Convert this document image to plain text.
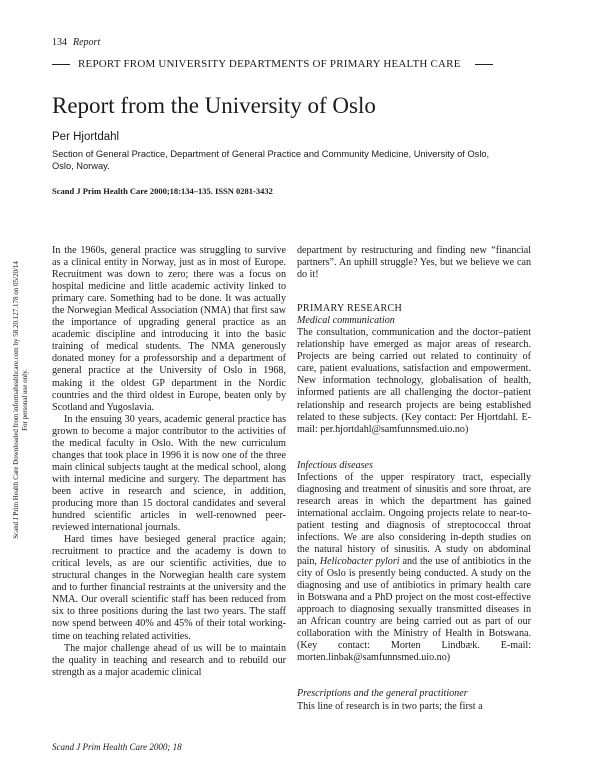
134 Report
REPORT FROM UNIVERSITY DEPARTMENTS OF PRIMARY HEALTH CARE
Report from the University of Oslo
Per Hjortdahl
Section of General Practice, Department of General Practice and Community Medicine, University of Oslo, Oslo, Norway.
Scand J Prim Health Care 2000;18:134–135. ISSN 0281-3432
Scand J Prim Health Care Downloaded from informahealthcare.com by 58.20.127.178 on 05/20/14 For personal use only.

In the 1960s, general practice was struggling to survive as a clinical entity in Norway, just as in most of Europe. Recruitment was down to zero; there was a focus on hospital medicine and little academic activity linked to primary care. Something had to be done. It was actually the Norwegian Medical Association (NMA) that first saw the importance of upgrading general practice as an academic discipline and introducing it into the basic training of medical students. The NMA generously donated money for a professorship and a department of general practice at the University of Oslo in 1968, making it the oldest GP department in the Nordic countries and the third oldest in Europe, beaten only by Scotland and Yugoslavia.

In the ensuing 30 years, academic general practice has grown to become a major contributor to the activities of the medical faculty in Oslo. With the new curriculum changes that took place in 1996 it is now one of the three main clinical subjects taught at the medical school, along with internal medicine and surgery. The department has been active in research and science, in addition, producing more than 15 doctoral candidates and several hundred scientific articles in well-renowned peer-reviewed international journals.

Hard times have besieged general practice again; recruitment to practice and the academy is down to critical levels, as are our scientific activities, due to structural changes in the Norwegian health care system and to further financial restraints at the university and the NMA. Our overall scientific staff has been reduced from six to three positions during the last two years. The staff now spend between 40% and 45% of their total working-time on teaching related activities.

The major challenge ahead of us will be to maintain the quality in teaching and research and to rebuild our strength as a major academic clinical

department by restructuring and finding new “financial partners”. An uphill struggle? Yes, but we believe we can do it!

PRIMARY RESEARCH
Medical communication

The consultation, communication and the doctor–patient relationship have emerged as major areas of research. Projects are being carried out related to continuity of care, patient evaluations, satisfaction and empowerment. New information technology, globalisation of health, informed patients are all challenging the doctor–patient relationship and research projects are being established related to these subjects. (Key contact: Per Hjortdahl. E-mail: per.hjortdahl@samfunnsmed.uio.no)

Infectious diseases

Infections of the upper respiratory tract, especially diagnosing and treatment of sinusitis and sore throat, are research areas in which the department has gained international acclaim. Ongoing projects relate to near-to-patient testing and diagnosis of streptococcal throat infections. We are also considering in-depth studies on the natural history of sinusitis. A study on abdominal pain, Helicobacter pylori and the use of antibiotics in the city of Oslo is presently being conducted. A study on the diagnosing and use of antibiotics in primary health care in Botswana and a PhD project on the most cost-effective approach to diagnosing sexually transmitted diseases in an African country are being carried out as part of our collaboration with the Ministry of Health in Botswana. (Key contact: Morten Lindbæk. E-mail: morten.linbak@samfunnsmed.uio.no)

Prescriptions and the general practitioner

This line of research is in two parts; the first a

Scand J Prim Health Care 2000; 18
